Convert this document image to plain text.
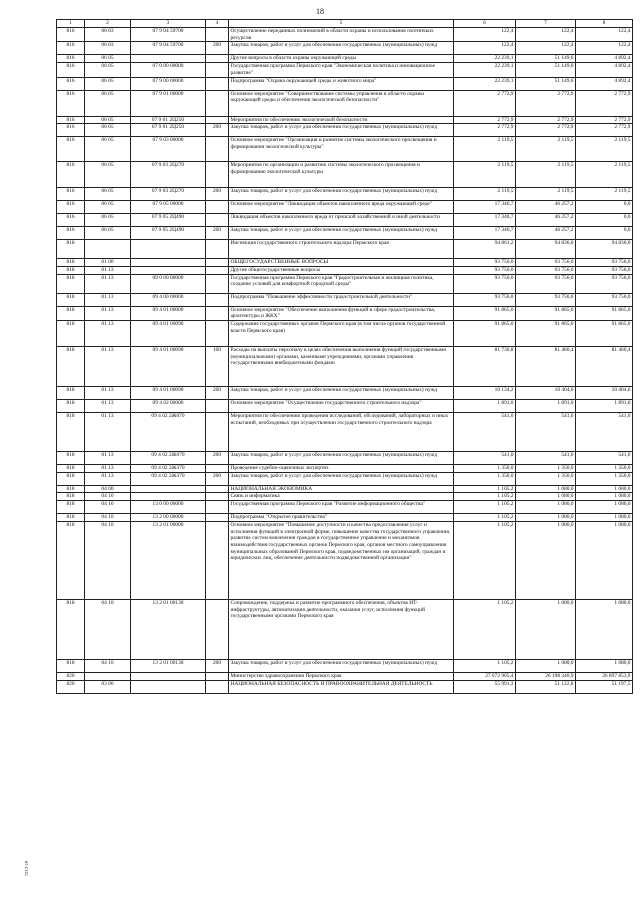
18
1	2	3	4	5	6	7	8
816	06 03	07 9 04 59700		Осуществление переданных полномочий в области охраны и использования охотничьих ресурсов	122,4	122,4	122,4
816	06 03	07 9 04 59700	200	Закупка товаров, работ и услуг для обеспечения государственных (муниципальных) нужд	122,4	122,4	122,4
816	06 05			Другие вопросы в области охраны окружающей среды	22 239,1	51 149,6	4 892,4
816	06 05	07 0 00 00000		Государственная программа Пермского края "Экономическая политика и инновационное развитие"	22 239,1	51 149,6	4 892,4
816	06 05	07 9 00 00000		Подпрограмма "Охрана окружающей среды и животного мира"	22 239,1	51 149,6	4 892,4
816	06 05	07 9 01 00000		Основное мероприятие "Совершенствование системы управления в области охраны окружающей среды и обеспечения экологической безопасности"	2 772,9	2 772,9	2 772,9
816	06 05	07 9 01 2Ц250		Мероприятия по обеспечению экологической безопасности	2 772,9	2 772,9	2 772,9
816	06 05	07 9 01 2Ц250	200	Закупка товаров, работ и услуг для обеспечения государственных (муниципальных) нужд	2 772,9	2 772,9	2 772,9
816	06 05	07 9 03 00000		Основное мероприятие "Организация и развитие системы экологического просвещения и формирования экологической культуры"	2 119,5	2 119,5	2 119,5
816	06 05	07 9 03 2Ц270		Мероприятия по организации и развитию системы экологического просвещения и формированию экологической культуры	2 119,5	2 119,5	2 119,5
816	06 05	07 9 03 2Ц270	200	Закупка товаров, работ и услуг для обеспечения государственных (муниципальных) нужд	2 119,5	2 119,5	2 119,5
816	06 05	07 9 05 00000		Основное мероприятие "Ликвидация объектов накопленного вреда окружающей среде"	17 346,7	46 257,2	0,0
816	06 05	07 9 05 2Ц490		Ликвидация объектов накопленного вреда от прошлой хозяйственной и иной деятельности	17 346,7	46 257,2	0,0
816	06 05	07 9 05 2Ц490	200	Закупка товаров, работ и услуг для обеспечения государственных (муниципальных) нужд	17 346,7	46 257,2	0,0
818				Инспекция государственного строительного надзора Пермского края	94 861,2	94 836,0	94 836,0
818	01 00			ОБЩЕГОСУДАРСТВЕННЫЕ ВОПРОСЫ	93 756,0	93 756,0	93 756,0
818	01 13			Другие общегосударственные вопросы	93 756,0	93 756,0	93 756,0
818	01 13	09 0 00 00000		Государственная программа Пермского края "Градостроительная и жилищная политика, создание условий для комфортной городской среды"	93 756,0	93 756,0	93 756,0
818	01 13	09 4 00 00000		Подпрограмма "Повышение эффективности градостроительной деятельности"	93 756,0	93 756,0	93 756,0
818	01 13	09 4 01 00000		Основное мероприятие "Обеспечение выполнения функций в сфере градостроительства, архитектуры и ЖКХ"	91 865,0	91 865,0	91 865,0
818	01 13	09 4 01 00090		Содержание государственных органов Пермского края (в том числе органов государственной власти Пермского края)	91 865,0	91 865,0	91 865,0
818	01 13	09 4 01 00090	100	Расходы на выплаты персоналу в целях обеспечения выполнения функций государственными (муниципальными) органами, казенными учреждениями, органами управления государственными внебюджетными фондами	81 730,8	81 460,4	81 460,4
818	01 13	09 4 01 00090	200	Закупка товаров, работ и услуг для обеспечения государственных (муниципальных) нужд	10 134,2	10 404,6	10 404,6
818	01 13	09 4 02 00000		Основное мероприятие "Осуществление государственного строительного надзора"	1 891,0	1 891,0	1 891,0
818	01 13	09 4 02 2Ж070		Мероприятия по обеспечению проведения исследований, обследований, лабораторных и иных испытаний, необходимых при осуществлении государственного строительного надзора	541,0	541,0	541,0
818	01 13	09 4 02 2Ж070	200	Закупка товаров, работ и услуг для обеспечения государственных (муниципальных) нужд	541,0	541,0	541,0
818	01 13	09 4 02 2Ж370		Проведение судебно-оценочных экспертиз	1 350,0	1 350,0	1 350,0
818	01 13	09 4 02 2Ж370	200	Закупка товаров, работ и услуг для обеспечения государственных (муниципальных) нужд	1 350,0	1 350,0	1 350,0
818	04 00			НАЦИОНАЛЬНАЯ ЭКОНОМИКА	1 105,2	1 080,0	1 080,0
818	04 10			Связь и информатика	1 105,2	1 080,0	1 080,0
818	04 10	13 0 00 00000		Государственная программа Пермского края "Развитие информационного общества"	1 105,2	1 080,0	1 080,0
818	04 10	13 2 00 00000		Подпрограмма "Открытое правительство"	1 105,2	1 080,0	1 080,0
818	04 10	13 2 01 00000		Основное мероприятие "Повышение доступности и качества предоставления услуг и исполнения функций в электронной форме, повышение качества государственного управления, развитие систем вовлечения граждан в государственное управление и механизмов взаимодействия государственных органов Пермского края, органов местного самоуправления муниципальных образований Пермского края, подведомственных им организаций, граждан и юридических лиц, обеспечение деятельности подведомственной организации"	1 105,2	1 080,0	1 080,0
818	04 10	13 2 01 00130		Сопровождение, поддержка и развитие программного обеспечения, объектов ИТ-инфраструктуры, автоматизация деятельности, оказания услуг, исполнения функций государственными органами Пермского края	1 105,2	1 080,0	1 080,0
818	04 10	13 2 01 00130	200	Закупка товаров, работ и услуг для обеспечения государственных (муниципальных) нужд	1 105,2	1 080,0	1 080,0
820				Министерство здравоохранения Пермского края	27 072 905,4	26 198 340,9	26 897 853,9
820	03 00			НАЦИОНАЛЬНАЯ БЕЗОПАСНОСТЬ И ПРАВООХРАНИТЕЛЬНАЯ ДЕЯТЕЛЬНОСТЬ	55 991,3	51 122,8	51 197,5
7212-19
